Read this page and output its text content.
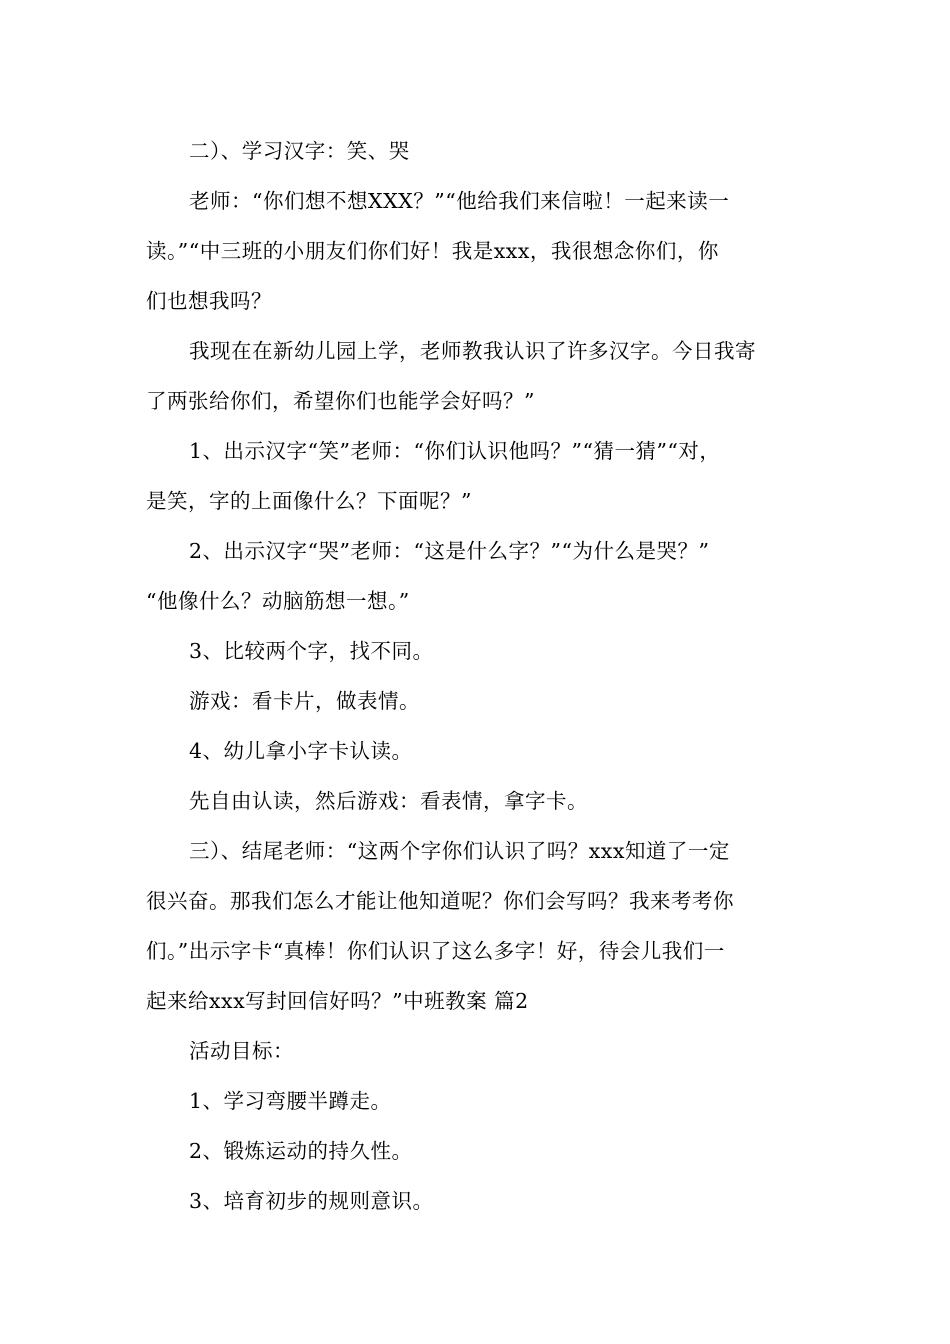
二）、学习汉字：笑、哭

老师：“你们想不想XXX？”“他给我们来信啦！一起来读一
读。”“中三班的小朋友们你们好！我是xxx，我很想念你们，你
们也想我吗？

我现在在新幼儿园上学，老师教我认识了许多汉字。今日我寄
了两张给你们，希望你们也能学会好吗？”

1、出示汉字“笑”老师：“你们认识他吗？”“猜一猜”“对，
是笑，字的上面像什么？下面呢？”

2、出示汉字“哭”老师：“这是什么字？”“为什么是哭？”
“他像什么？动脑筋想一想。”

3、比较两个字，找不同。

游戏：看卡片，做表情。

4、幼儿拿小字卡认读。

先自由认读，然后游戏：看表情，拿字卡。

三）、结尾老师：“这两个字你们认识了吗？xxx知道了一定
很兴奋。那我们怎么才能让他知道呢？你们会写吗？我来考考你
们。”出示字卡“真棒！你们认识了这么多字！好，待会儿我们一
起来给xxx写封回信好吗？”中班教案 篇2

活动目标：

1、学习弯腰半蹲走。

2、锻炼运动的持久性。

3、培育初步的规则意识。
